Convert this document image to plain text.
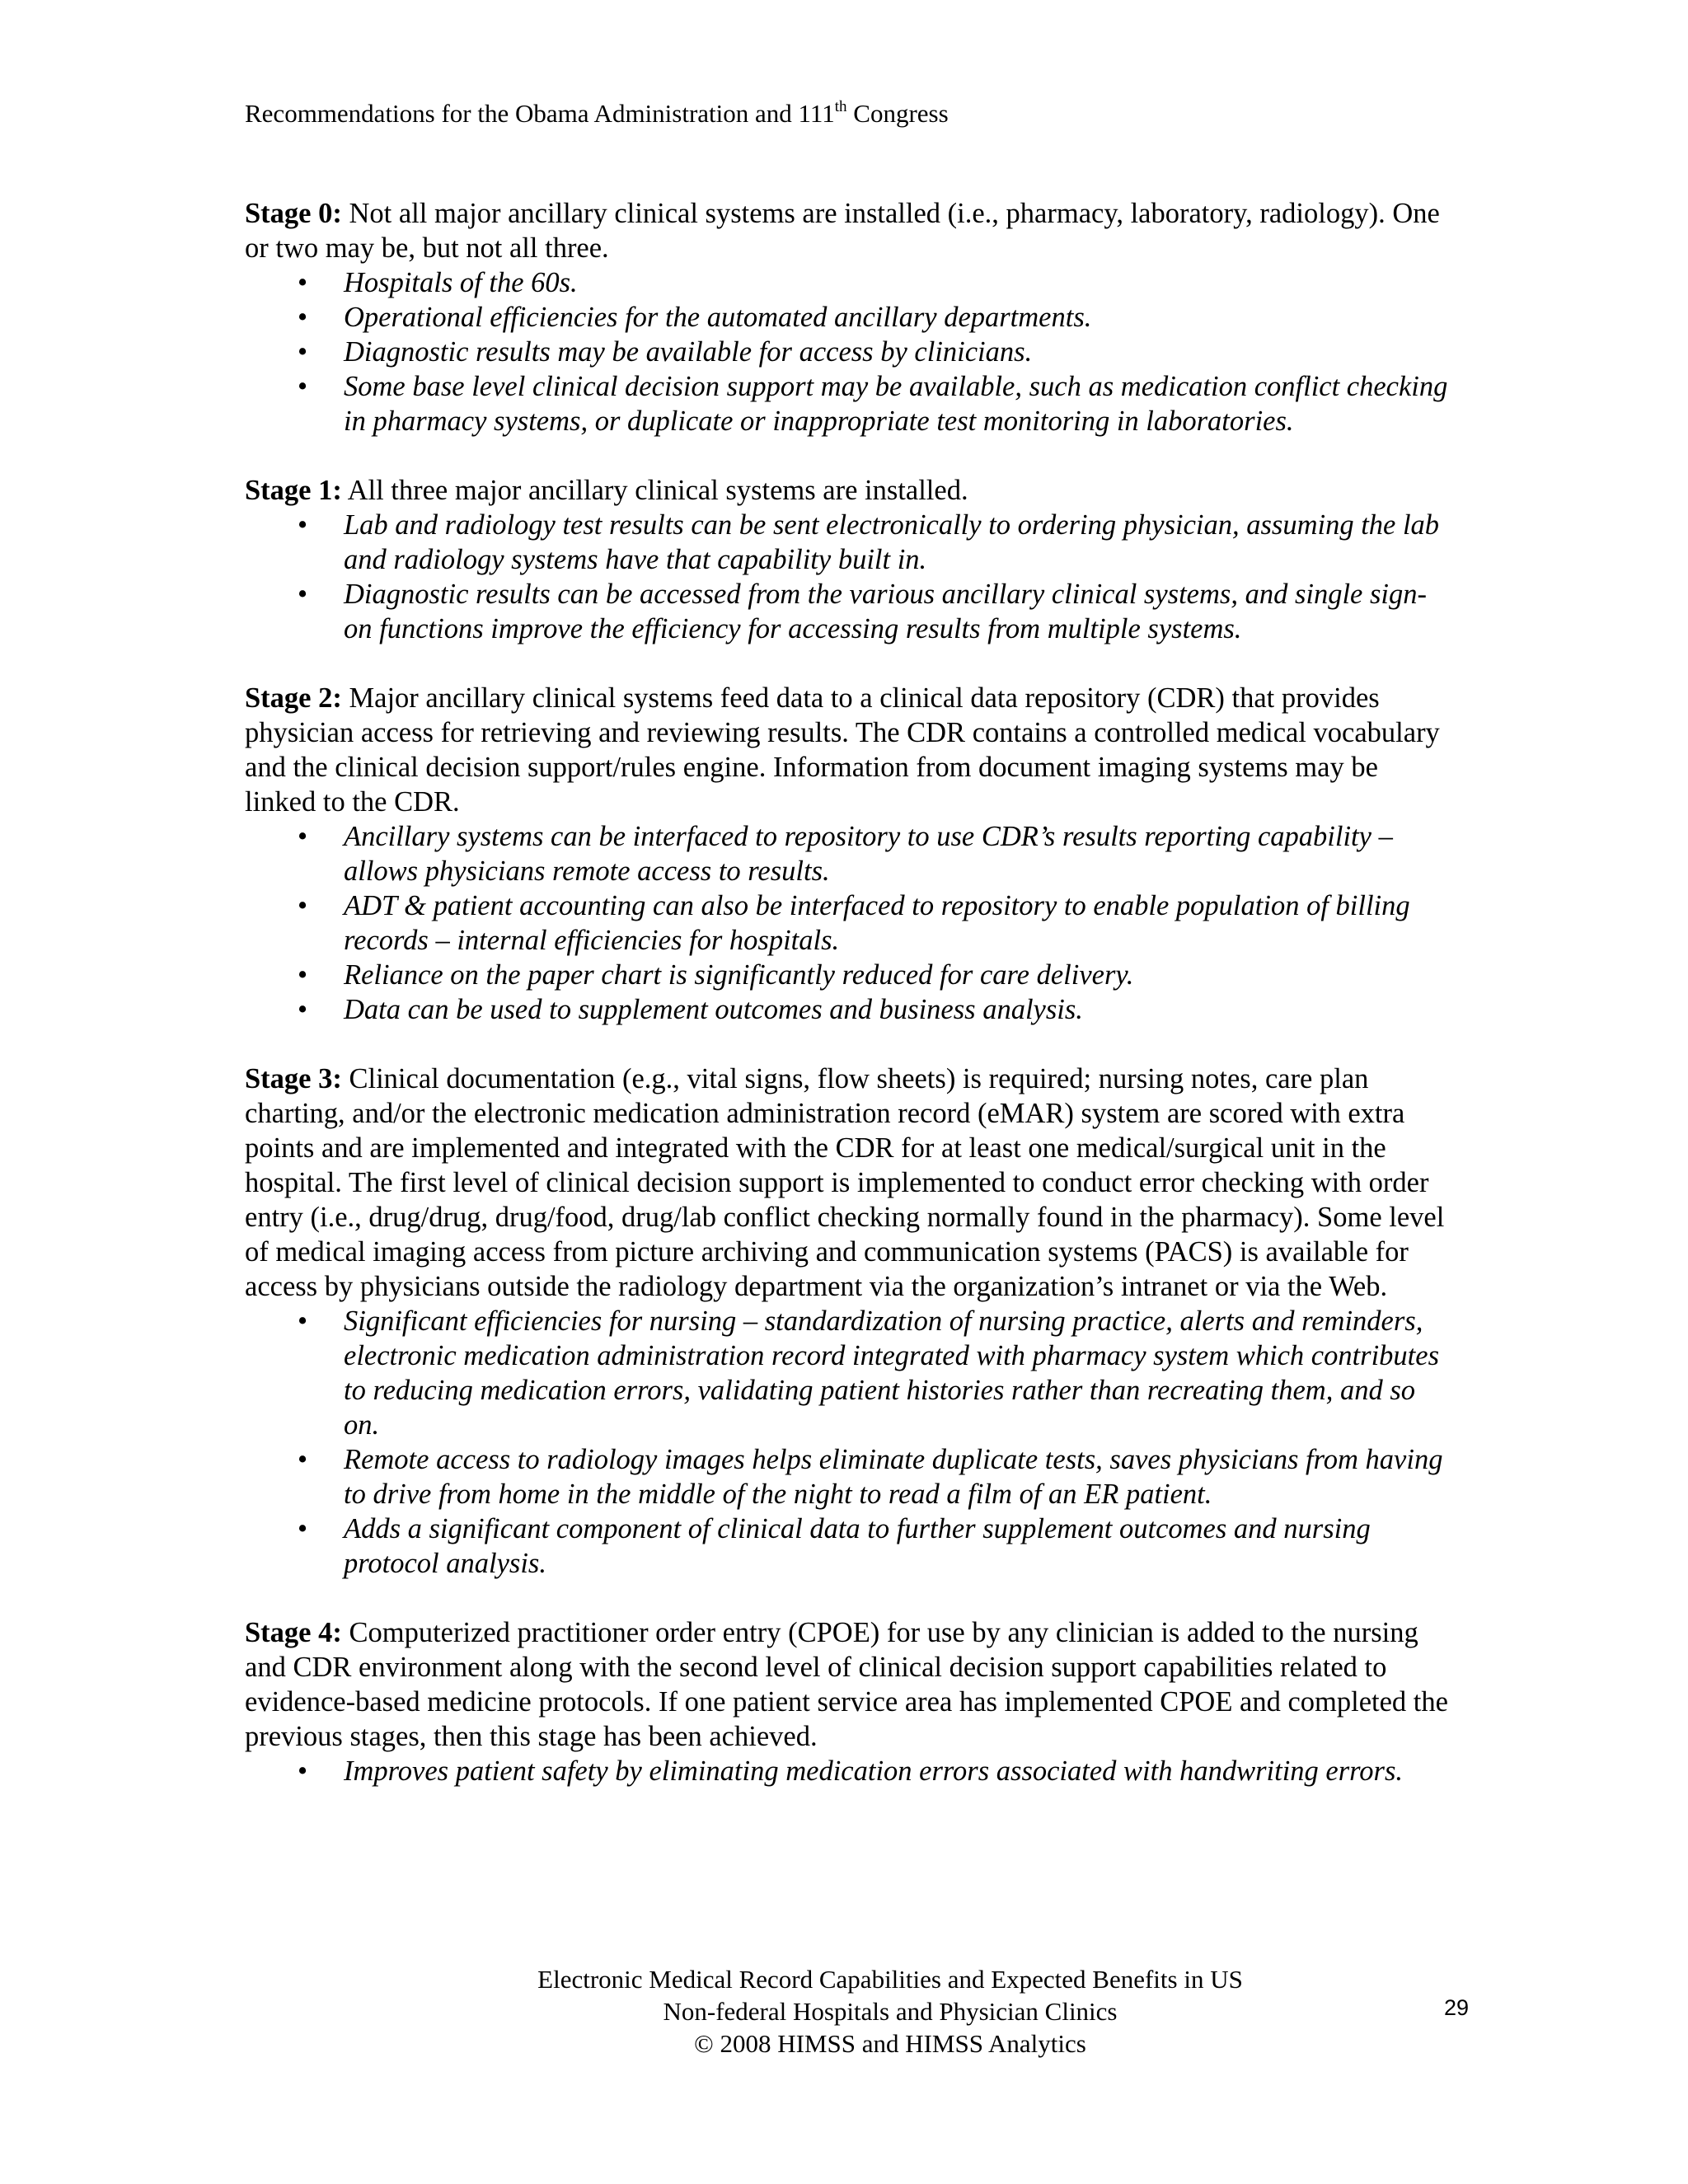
Recommendations for the Obama Administration and 111th Congress

Stage 0: Not all major ancillary clinical systems are installed (i.e., pharmacy, laboratory, radiology). One or two may be, but not all three.

• Hospitals of the 60s.
• Operational efficiencies for the automated ancillary departments.
• Diagnostic results may be available for access by clinicians.
• Some base level clinical decision support may be available, such as medication conflict checking in pharmacy systems, or duplicate or inappropriate test monitoring in laboratories.

Stage 1: All three major ancillary clinical systems are installed.

• Lab and radiology test results can be sent electronically to ordering physician, assuming the lab and radiology systems have that capability built in.
• Diagnostic results can be accessed from the various ancillary clinical systems, and single sign-on functions improve the efficiency for accessing results from multiple systems.

Stage 2: Major ancillary clinical systems feed data to a clinical data repository (CDR) that provides physician access for retrieving and reviewing results. The CDR contains a controlled medical vocabulary and the clinical decision support/rules engine. Information from document imaging systems may be linked to the CDR.

• Ancillary systems can be interfaced to repository to use CDR’s results reporting capability – allows physicians remote access to results.
• ADT & patient accounting can also be interfaced to repository to enable population of billing records – internal efficiencies for hospitals.
• Reliance on the paper chart is significantly reduced for care delivery.
• Data can be used to supplement outcomes and business analysis.

Stage 3: Clinical documentation (e.g., vital signs, flow sheets) is required; nursing notes, care plan charting, and/or the electronic medication administration record (eMAR) system are scored with extra points and are implemented and integrated with the CDR for at least one medical/surgical unit in the hospital. The first level of clinical decision support is implemented to conduct error checking with order entry (i.e., drug/drug, drug/food, drug/lab conflict checking normally found in the pharmacy). Some level of medical imaging access from picture archiving and communication systems (PACS) is available for access by physicians outside the radiology department via the organization’s intranet or via the Web.

• Significant efficiencies for nursing – standardization of nursing practice, alerts and reminders, electronic medication administration record integrated with pharmacy system which contributes to reducing medication errors, validating patient histories rather than recreating them, and so on.
• Remote access to radiology images helps eliminate duplicate tests, saves physicians from having to drive from home in the middle of the night to read a film of an ER patient.
• Adds a significant component of clinical data to further supplement outcomes and nursing protocol analysis.

Stage 4: Computerized practitioner order entry (CPOE) for use by any clinician is added to the nursing and CDR environment along with the second level of clinical decision support capabilities related to evidence-based medicine protocols. If one patient service area has implemented CPOE and completed the previous stages, then this stage has been achieved.

• Improves patient safety by eliminating medication errors associated with handwriting errors.
Electronic Medical Record Capabilities and Expected Benefits in US
Non-federal Hospitals and Physician Clinics
© 2008 HIMSS and HIMSS Analytics
29
